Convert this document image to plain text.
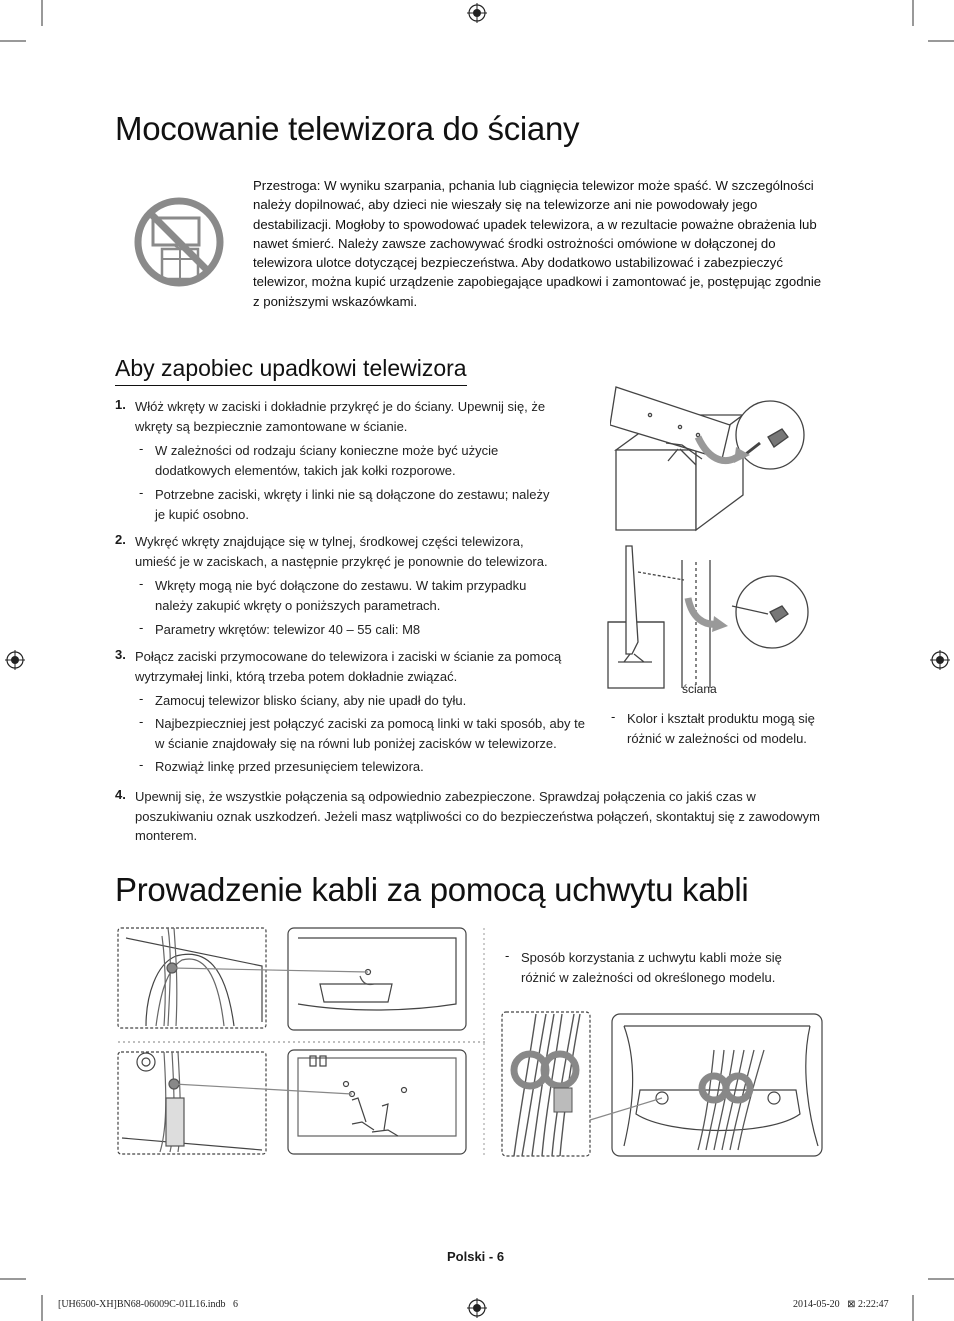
Mocowanie telewizora do ściany
Przestroga: W wyniku szarpania, pchania lub ciągnięcia telewizor może spaść. W szczególności należy dopilnować, aby dzieci nie wieszały się na telewizorze ani nie powodowały jego destabilizacji. Mogłoby to spowodować upadek telewizora, a w rezultacie poważne obrażenia lub nawet śmierć. Należy zawsze zachowywać środki ostrożności omówione w dołączonej do telewizora ulotce dotyczącej bezpieczeństwa. Aby dodatkowo ustabilizować i zabezpieczyć telewizor, można kupić urządzenie zapobiegające upadkowi i zamontować je, postępując zgodnie z poniższymi wskazówkami.
Aby zapobiec upadkowi telewizora
1. Włóż wkręty w zaciski i dokładnie przykręć je do ściany. Upewnij się, że wkręty są bezpiecznie zamontowane w ścianie.
- W zależności od rodzaju ściany konieczne może być użycie dodatkowych elementów, takich jak kołki rozporowe.
- Potrzebne zaciski, wkręty i linki nie są dołączone do zestawu; należy je kupić osobno.
2. Wykręć wkręty znajdujące się w tylnej, środkowej części telewizora, umieść je w zaciskach, a następnie przykręć je ponownie do telewizora.
- Wkręty mogą nie być dołączone do zestawu. W takim przypadku należy zakupić wkręty o poniższych parametrach.
- Parametry wkrętów: telewizor 40 – 55 cali: M8
3. Połącz zaciski przymocowane do telewizora i zaciski w ścianie za pomocą wytrzymałej linki, którą trzeba potem dokładnie związać.
- Zamocuj telewizor blisko ściany, aby nie upadł do tyłu.
- Najbezpieczniej jest połączyć zaciski za pomocą linki w taki sposób, aby te w ścianie znajdowały się na równi lub poniżej zacisków w telewizorze.
- Rozwiąż linkę przed przesunięciem telewizora.
4. Upewnij się, że wszystkie połączenia są odpowiednio zabezpieczone. Sprawdzaj połączenia co jakiś czas w poszukiwaniu oznak uszkodzeń. Jeżeli masz wątpliwości co do bezpieczeństwa połączeń, skontaktuj się z zawodowym monterem.
ściana
- Kolor i kształt produktu mogą się różnić w zależności od modelu.
Prowadzenie kabli za pomocą uchwytu kabli
- Sposób korzystania z uchwytu kabli może się różnić w zależności od określonego modelu.
Polski - 6
[UH6500-XH]BN68-06009C-01L16.indb   6	2014-05-20   ⊠ 2:22:47
